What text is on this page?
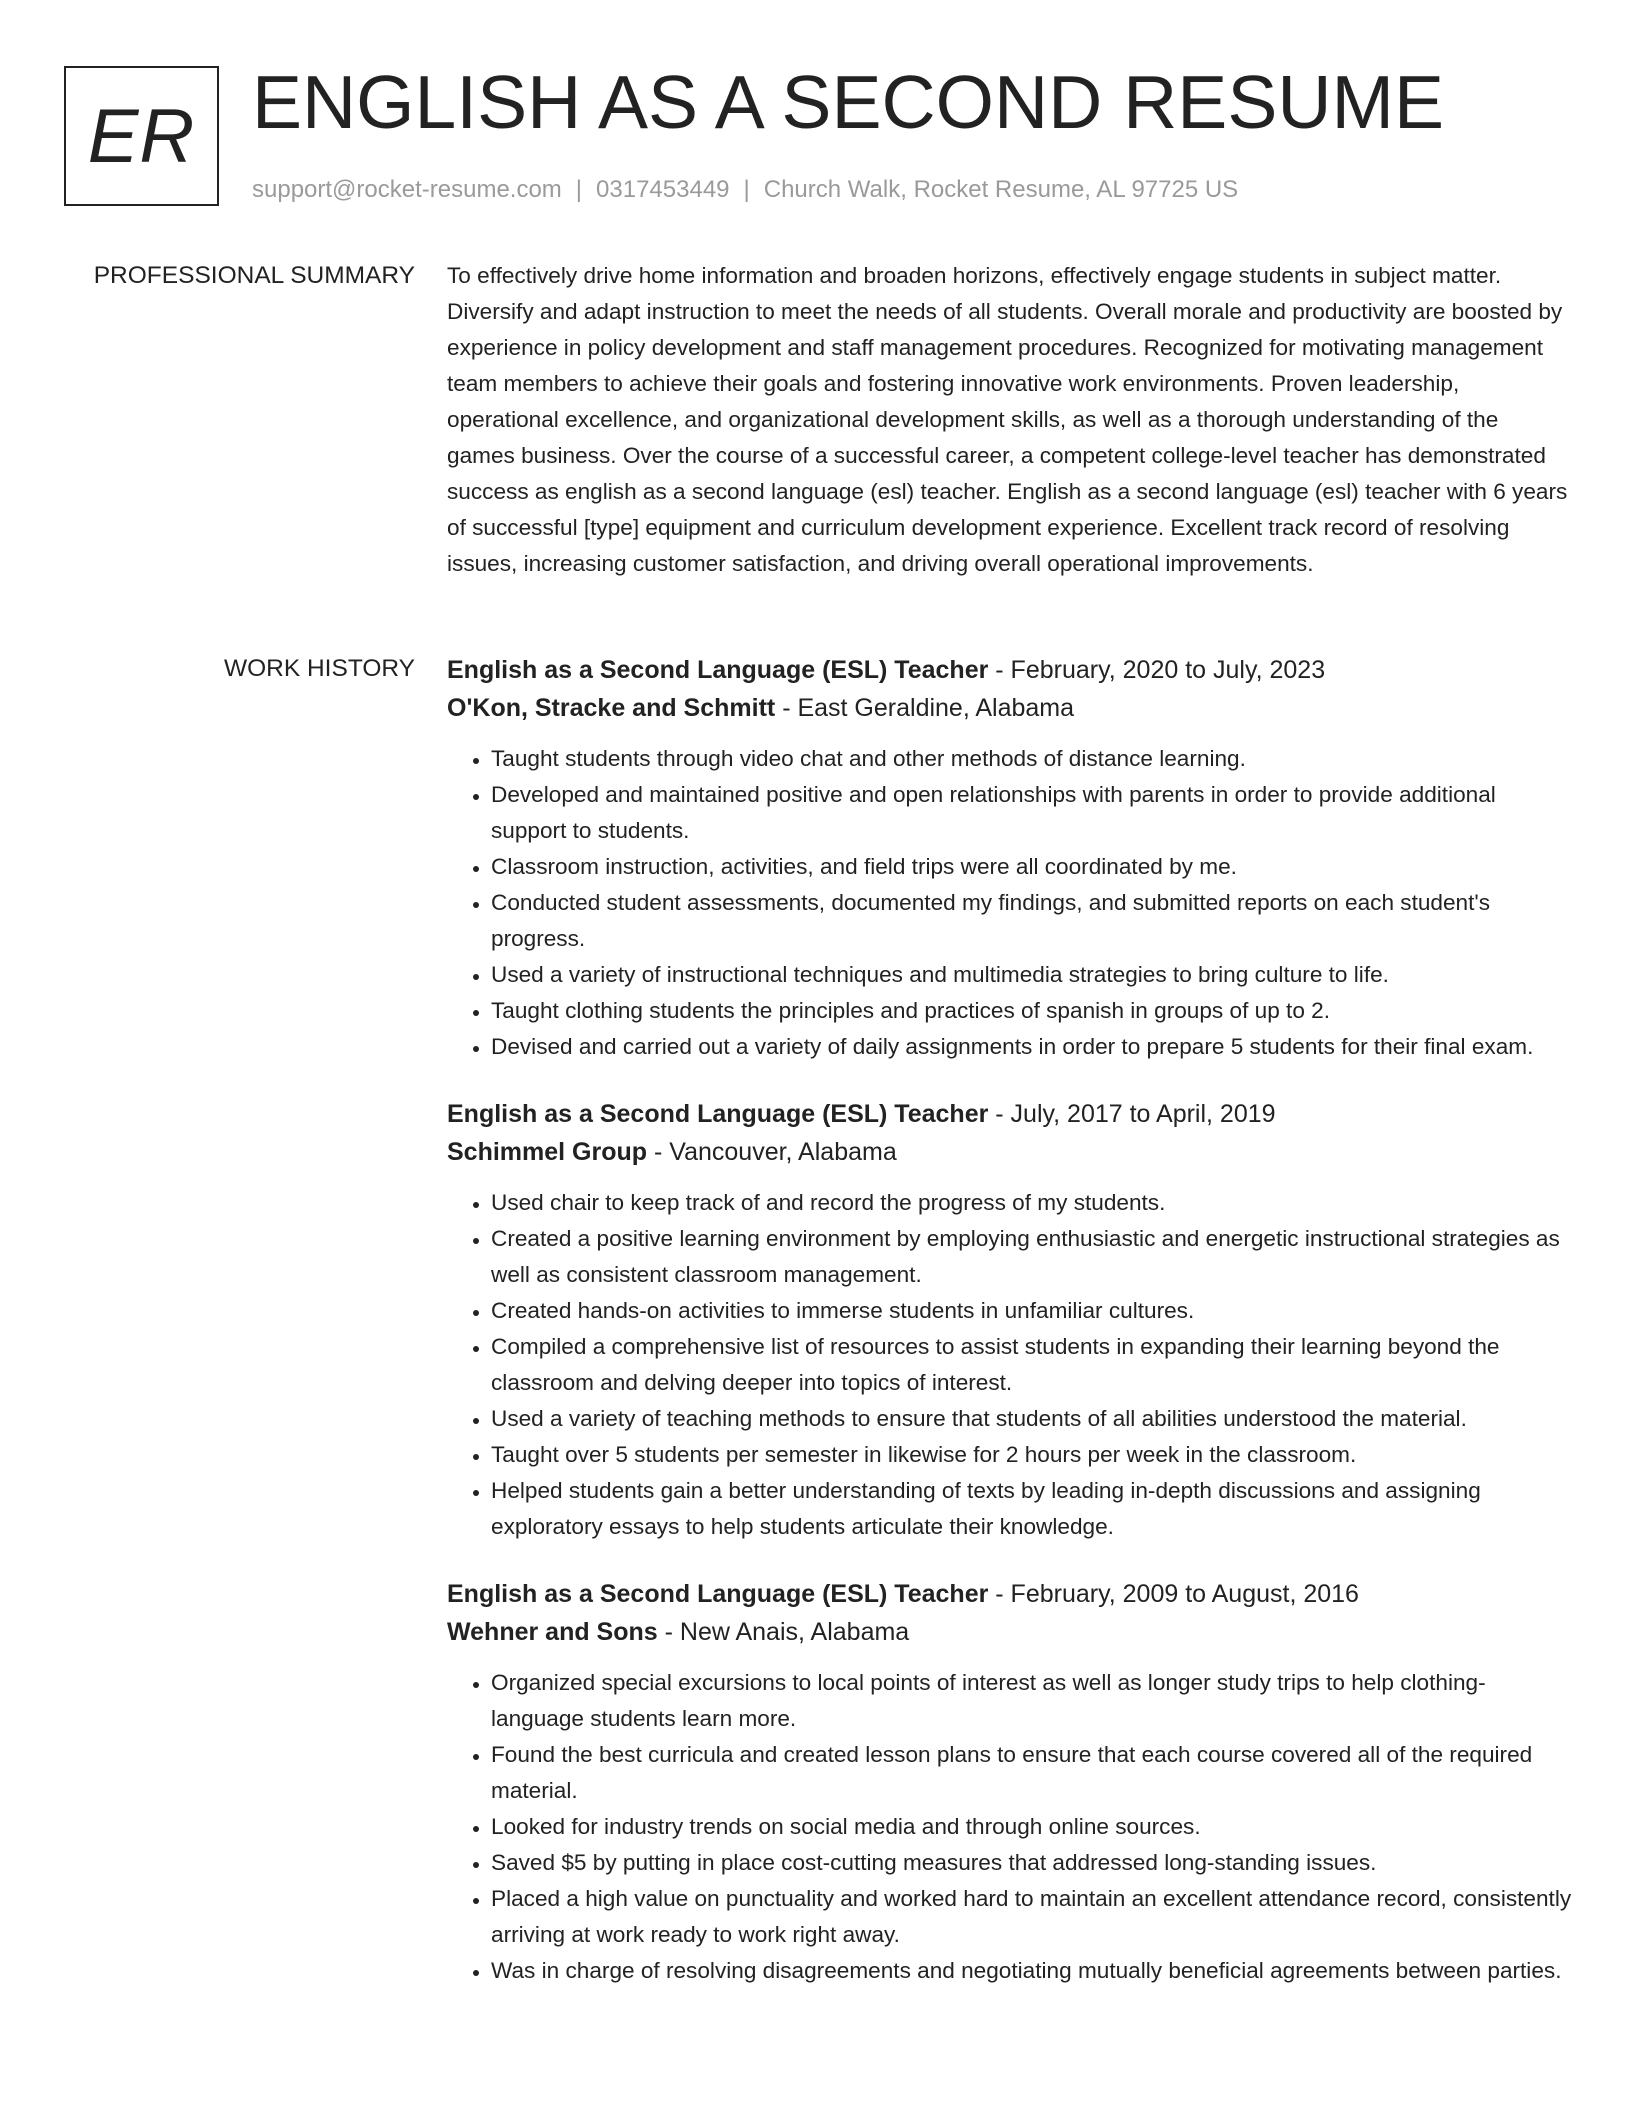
ER ENGLISH AS A SECOND RESUME
support@rocket-resume.com | 0317453449 | Church Walk, Rocket Resume, AL 97725 US
PROFESSIONAL SUMMARY To effectively drive home information and broaden horizons, effectively engage students in subject matter. Diversify and adapt instruction to meet the needs of all students. Overall morale and productivity are boosted by experience in policy development and staff management procedures. Recognized for motivating management team members to achieve their goals and fostering innovative work environments. Proven leadership, operational excellence, and organizational development skills, as well as a thorough understanding of the games business. Over the course of a successful career, a competent college-level teacher has demonstrated success as english as a second language (esl) teacher. English as a second language (esl) teacher with 6 years of successful [type] equipment and curriculum development experience. Excellent track record of resolving issues, increasing customer satisfaction, and driving overall operational improvements.

WORK HISTORY English as a Second Language (ESL) Teacher - February, 2020 to July, 2023
O'Kon, Stracke and Schmitt - East Geraldine, Alabama
• Taught students through video chat and other methods of distance learning.
• Developed and maintained positive and open relationships with parents in order to provide additional support to students.
• Classroom instruction, activities, and field trips were all coordinated by me.
• Conducted student assessments, documented my findings, and submitted reports on each student's progress.
• Used a variety of instructional techniques and multimedia strategies to bring culture to life.
• Taught clothing students the principles and practices of spanish in groups of up to 2.
• Devised and carried out a variety of daily assignments in order to prepare 5 students for their final exam.
English as a Second Language (ESL) Teacher - July, 2017 to April, 2019
Schimmel Group - Vancouver, Alabama
• Used chair to keep track of and record the progress of my students.
• Created a positive learning environment by employing enthusiastic and energetic instructional strategies as well as consistent classroom management.
• Created hands-on activities to immerse students in unfamiliar cultures.
• Compiled a comprehensive list of resources to assist students in expanding their learning beyond the classroom and delving deeper into topics of interest.
• Used a variety of teaching methods to ensure that students of all abilities understood the material.
• Taught over 5 students per semester in likewise for 2 hours per week in the classroom.
• Helped students gain a better understanding of texts by leading in-depth discussions and assigning exploratory essays to help students articulate their knowledge.
English as a Second Language (ESL) Teacher - February, 2009 to August, 2016
Wehner and Sons - New Anais, Alabama
• Organized special excursions to local points of interest as well as longer study trips to help clothing-language students learn more.
• Found the best curricula and created lesson plans to ensure that each course covered all of the required material.
• Looked for industry trends on social media and through online sources.
• Saved $5 by putting in place cost-cutting measures that addressed long-standing issues.
• Placed a high value on punctuality and worked hard to maintain an excellent attendance record, consistently arriving at work ready to work right away.
• Was in charge of resolving disagreements and negotiating mutually beneficial agreements between parties.
